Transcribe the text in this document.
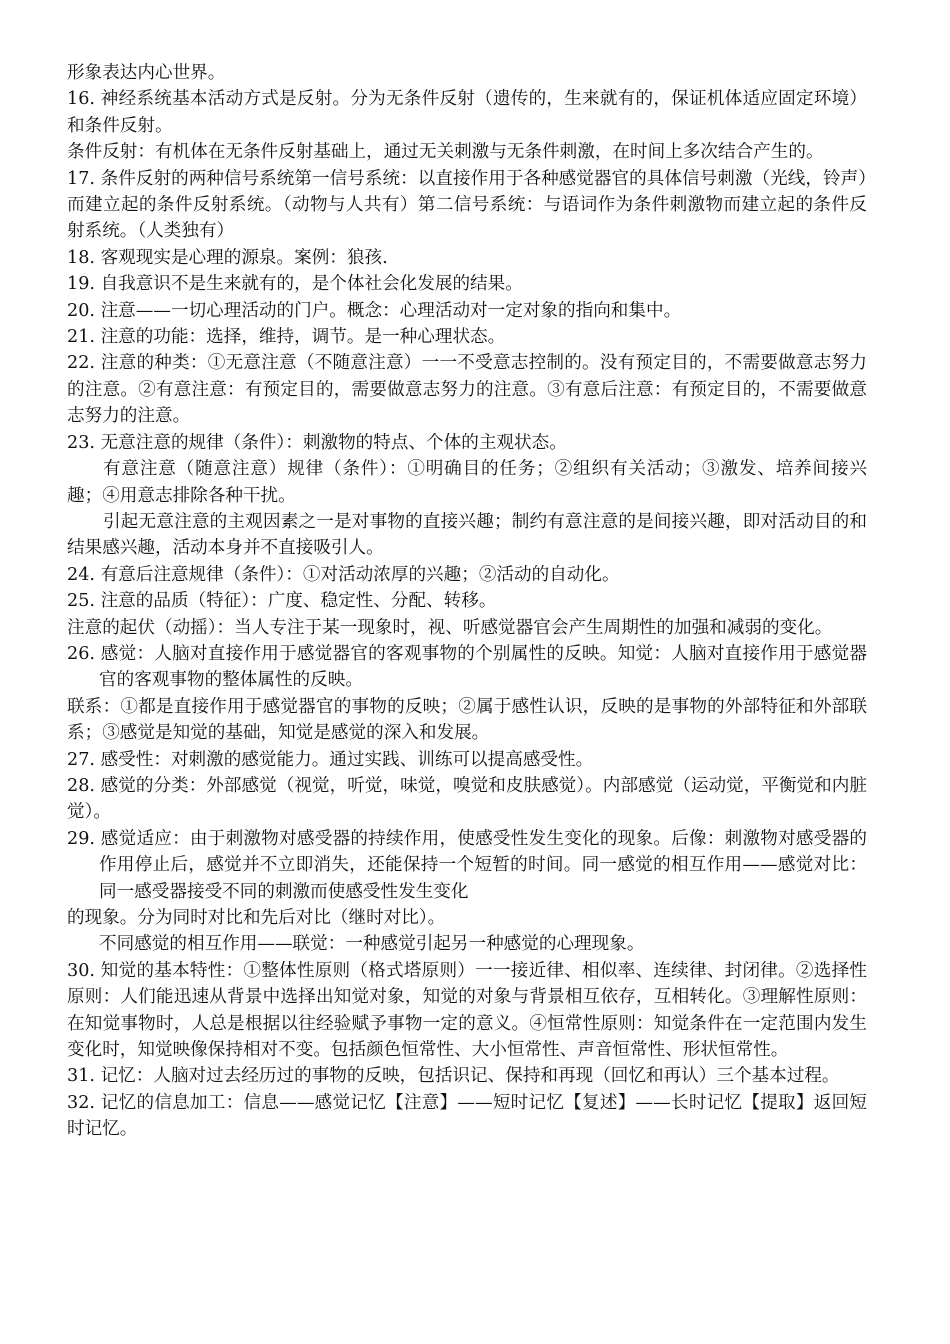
形象表达内心世界。

16. 神经系统基本活动方式是反射。分为无条件反射（遗传的，生来就有的，保证机体适应固定环境）和条件反射。

条件反射：有机体在无条件反射基础上，通过无关刺激与无条件刺激，在时间上多次结合产生的。

17. 条件反射的两种信号系统第一信号系统：以直接作用于各种感觉器官的具体信号刺激（光线，铃声）而建立起的条件反射系统。（动物与人共有）第二信号系统：与语词作为条件刺激物而建立起的条件反射系统。（人类独有）

18. 客观现实是心理的源泉。案例：狼孩.

19. 自我意识不是生来就有的，是个体社会化发展的结果。

20. 注意——一切心理活动的门户。概念：心理活动对一定对象的指向和集中。

21. 注意的功能：选择，维持，调节。是一种心理状态。

22. 注意的种类：①无意注意（不随意注意）一一不受意志控制的。没有预定目的，不需要做意志努力的注意。②有意注意：有预定目的，需要做意志努力的注意。③有意后注意：有预定目的，不需要做意志努力的注意。

23. 无意注意的规律（条件）：刺激物的特点、个体的主观状态。

有意注意（随意注意）规律（条件）：①明确目的任务；②组织有关活动；③激发、培养间接兴趣；④用意志排除各种干扰。

引起无意注意的主观因素之一是对事物的直接兴趣；制约有意注意的是间接兴趣，即对活动目的和结果感兴趣，活动本身并不直接吸引人。

24. 有意后注意规律（条件）：①对活动浓厚的兴趣；②活动的自动化。

25. 注意的品质（特征）：广度、稳定性、分配、转移。

注意的起伏（动摇）：当人专注于某一现象时，视、听感觉器官会产生周期性的加强和减弱的变化。

26. 感觉：人脑对直接作用于感觉器官的客观事物的个别属性的反映。知觉：人脑对直接作用于感觉器官的客观事物的整体属性的反映。

联系：①都是直接作用于感觉器官的事物的反映；②属于感性认识，反映的是事物的外部特征和外部联系；③感觉是知觉的基础，知觉是感觉的深入和发展。

27. 感受性：对刺激的感觉能力。通过实践、训练可以提高感受性。

28. 感觉的分类：外部感觉（视觉，听觉，味觉，嗅觉和皮肤感觉）。内部感觉（运动觉，平衡觉和内脏觉）。

29. 感觉适应：由于刺激物对感受器的持续作用，使感受性发生变化的现象。后像：刺激物对感受器的作用停止后，感觉并不立即消失，还能保持一个短暂的时间。同一感觉的相互作用——感觉对比：同一感受器接受不同的刺激而使感受性发生变化

的现象。分为同时对比和先后对比（继时对比）。

不同感觉的相互作用——联觉：一种感觉引起另一种感觉的心理现象。

30. 知觉的基本特性：①整体性原则（格式塔原则）一一接近律、相似率、连续律、封闭律。②选择性原则：人们能迅速从背景中选择出知觉对象，知觉的对象与背景相互依存，互相转化。③理解性原则：在知觉事物时，人总是根据以往经验赋予事物一定的意义。④恒常性原则：知觉条件在一定范围内发生变化时，知觉映像保持相对不变。包括颜色恒常性、大小恒常性、声音恒常性、形状恒常性。

31. 记忆：人脑对过去经历过的事物的反映，包括识记、保持和再现（回忆和再认）三个基本过程。

32. 记忆的信息加工：信息——感觉记忆【注意】——短时记忆【复述】——长时记忆【提取】返回短时记忆。
